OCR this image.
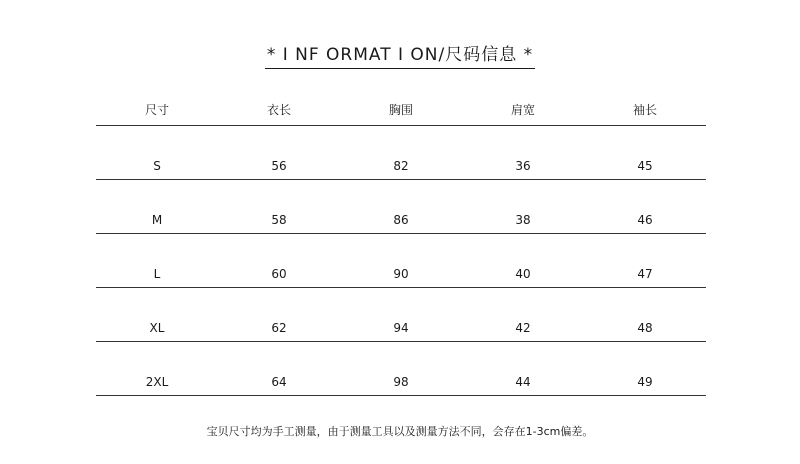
* I NF ORMAT I ON/尺码信息 *
尺寸	衣长	胸围	肩宽	袖长
S	56	82	36	45
M	58	86	38	46
L	60	90	40	47
XL	62	94	42	48
2XL	64	98	44	49
宝贝尺寸均为手工测量，由于测量工具以及测量方法不同，会存在1-3cm偏差。
